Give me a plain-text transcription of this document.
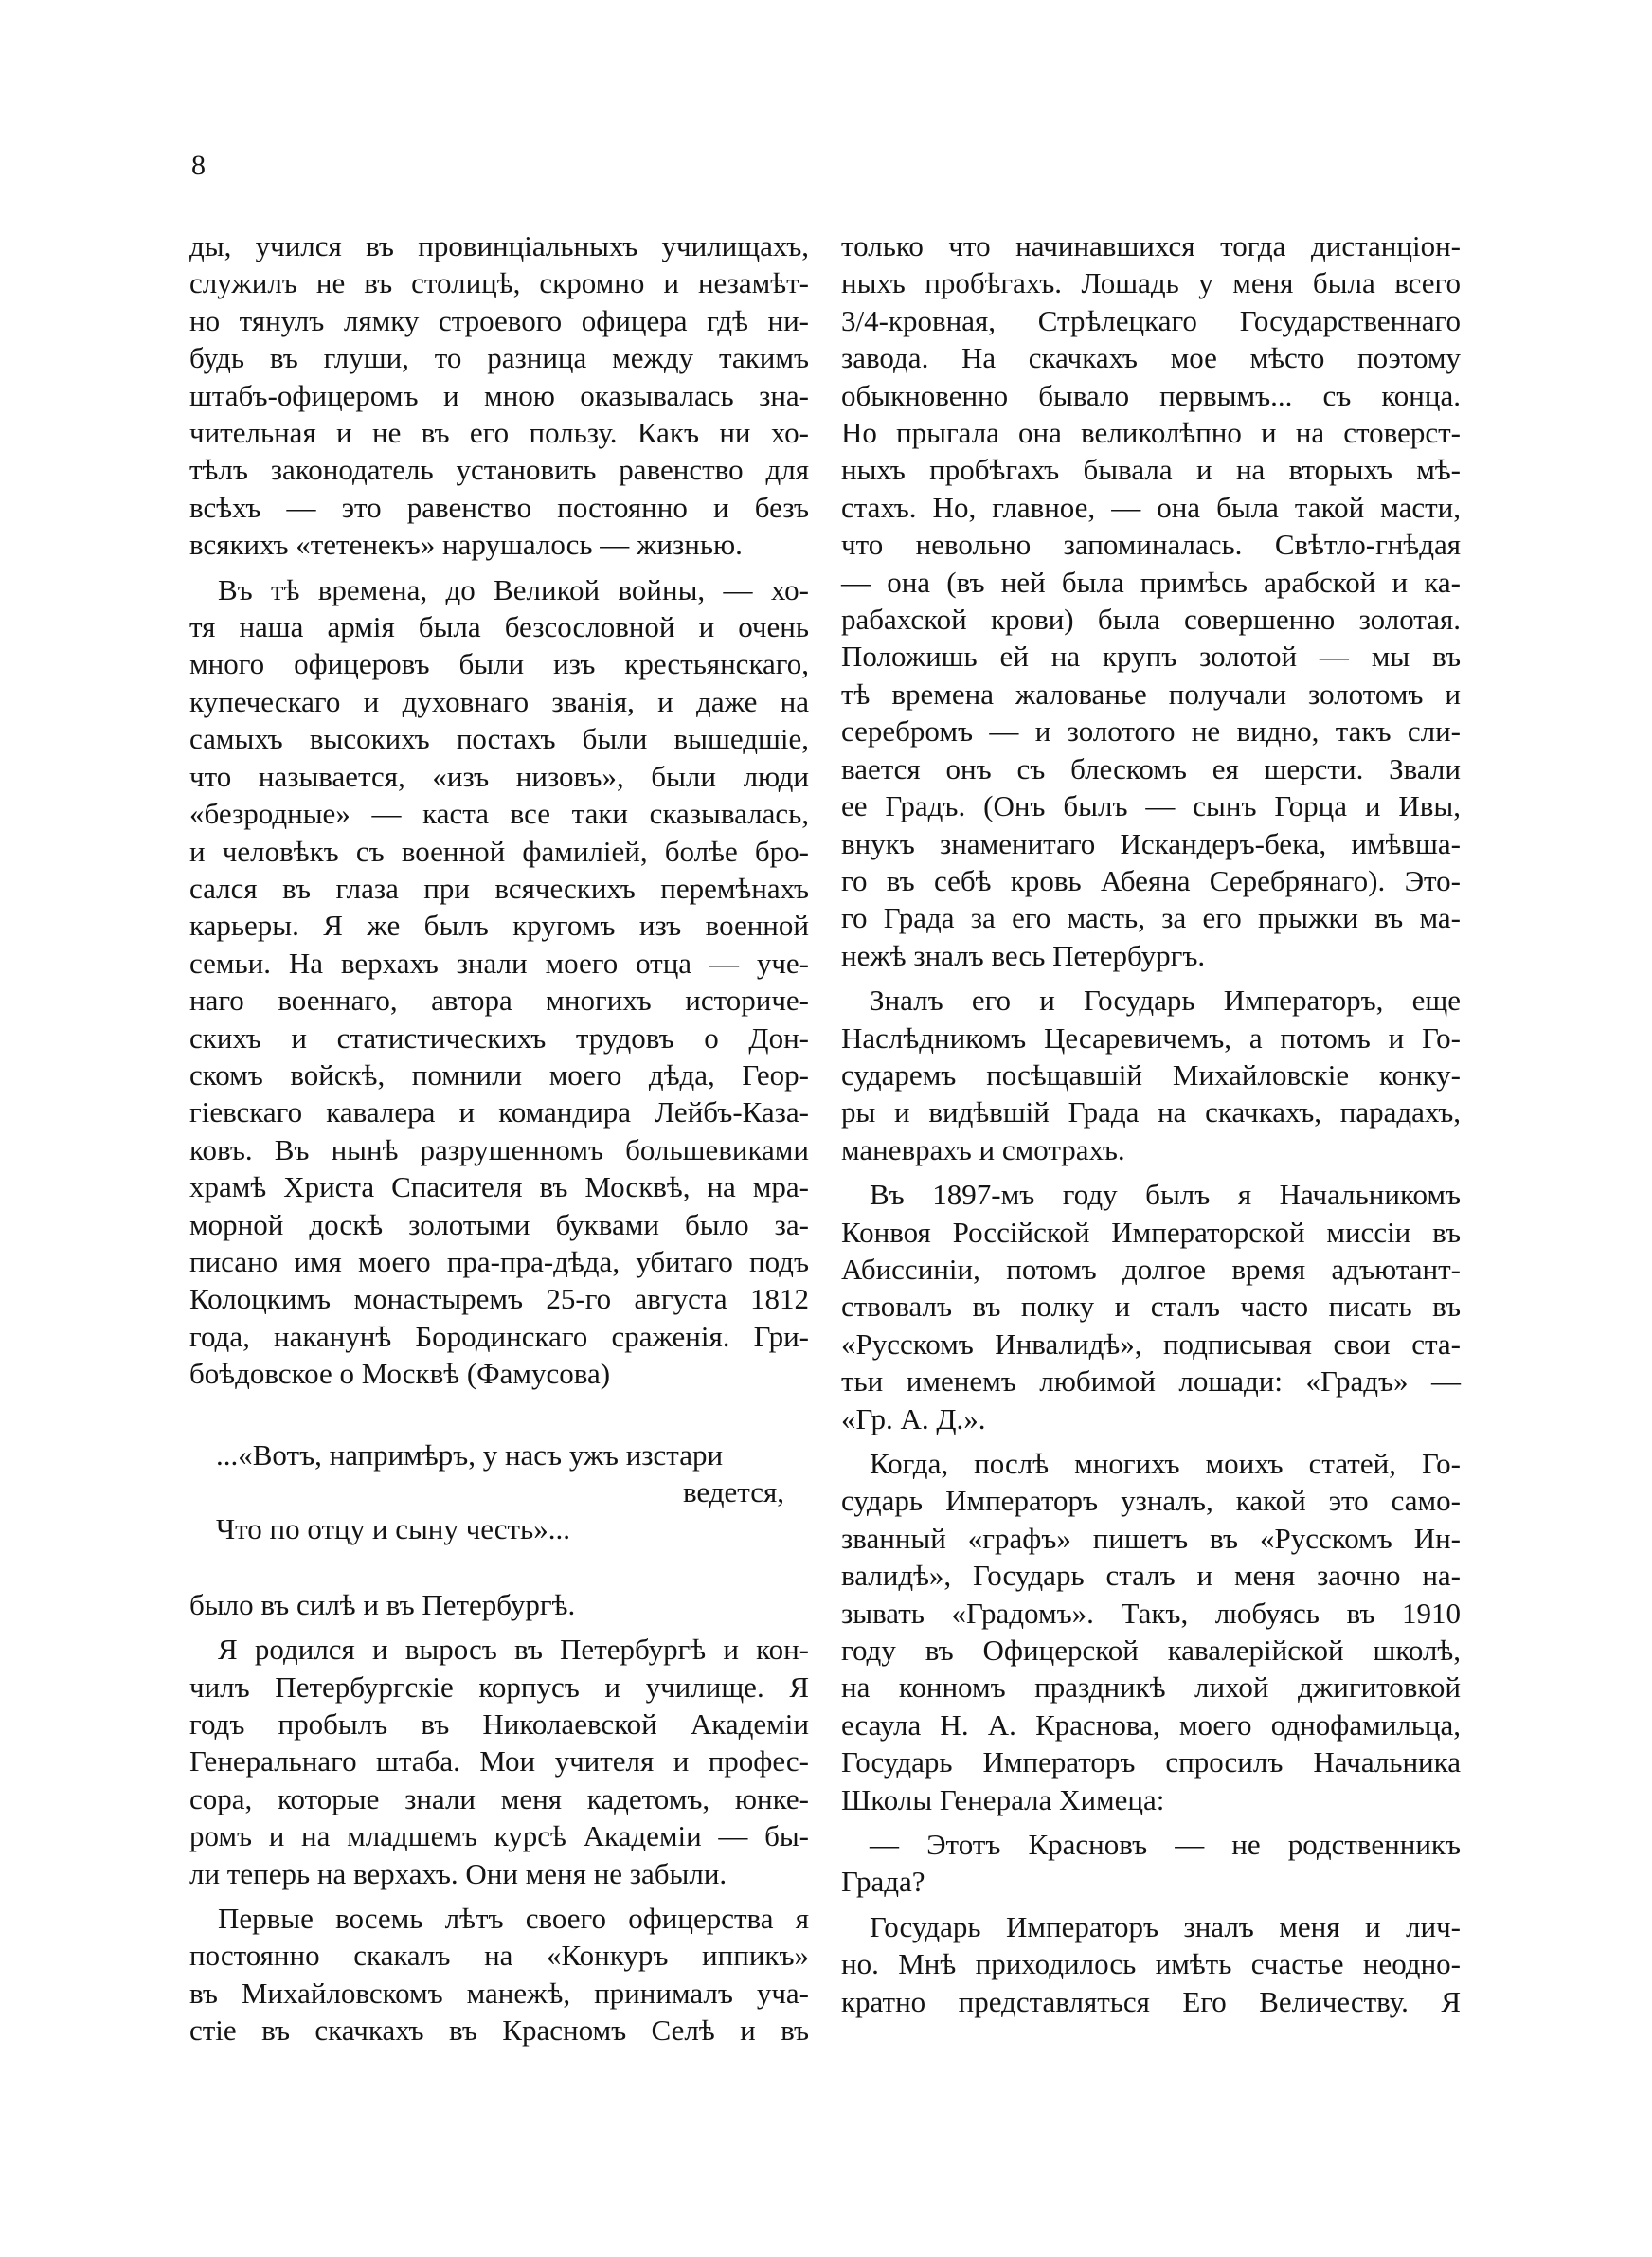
8
ды, учился въ провинціальныхъ училищахъ,
служилъ не въ столицѣ, скромно и незамѣт-
но тянулъ лямку строевого офицера гдѣ ни-
будь въ глуши, то разница между такимъ
штабъ-офицеромъ и мною оказывалась зна-
чительная и не въ его пользу. Какъ ни хо-
тѣлъ законодатель установить равенство для
всѣхъ — это равенство постоянно и безъ
всякихъ «тетенекъ» нарушалось — жизнью.
Въ тѣ времена, до Великой войны, — хо-
тя наша армія была безсословной и очень
много офицеровъ были изъ крестьянскаго,
купеческаго и духовнаго званія, и даже на
самыхъ высокихъ постахъ были вышедшіе,
что называется, «изъ низовъ», были люди
«безродные» — каста все таки сказывалась,
и человѣкъ съ военной фамиліей, болѣе бро-
сался въ глаза при всяческихъ перемѣнахъ
карьеры. Я же былъ кругомъ изъ военной
семьи. На верхахъ знали моего отца — уче-
наго военнаго, автора многихъ историче-
скихъ и статистическихъ трудовъ о Дон-
скомъ войскѣ, помнили моего дѣда, Геор-
гіевскаго кавалера и командира Лейбъ-Каза-
ковъ. Въ нынѣ разрушенномъ большевиками
храмѣ Христа Спасителя въ Москвѣ, на мра-
морной доскѣ золотыми буквами было за-
писано имя моего пра-пра-дѣда, убитаго подъ
Колоцкимъ монастыремъ 25-го августа 1812
года, наканунѣ Бородинскаго сраженія. Гри-
боѣдовское о Москвѣ (Фамусова)
...«Вотъ, напримѣръ, у насъ ужъ изстари
ведется,
Что по отцу и сыну честь»...
было въ силѣ и въ Петербургѣ.
Я родился и выросъ въ Петербургѣ и кон-
чилъ Петербургскіе корпусъ и училище. Я
годъ пробылъ въ Николаевской Академіи
Генеральнаго штаба. Мои учителя и профес-
сора, которые знали меня кадетомъ, юнке-
ромъ и на младшемъ курсѣ Академіи — бы-
ли теперь на верхахъ. Они меня не забыли.
Первые восемь лѣтъ своего офицерства я
постоянно скакалъ на «Конкуръ иппикъ»
въ Михайловскомъ манежѣ, принималъ уча-
стіе въ скачкахъ въ Красномъ Селѣ и въ
только что начинавшихся тогда дистанціон-
ныхъ пробѣгахъ. Лошадь у меня была всего
3/4-кровная, Стрѣлецкаго Государственнаго
завода. На скачкахъ мое мѣсто поэтому
обыкновенно бывало первымъ... съ конца.
Но прыгала она великолѣпно и на стоверст-
ныхъ пробѣгахъ бывала и на вторыхъ мѣ-
стахъ. Но, главное, — она была такой масти,
что невольно запоминалась. Свѣтло-гнѣдая
— она (въ ней была примѣсь арабской и ка-
рабахской крови) была совершенно золотая.
Положишь ей на крупъ золотой — мы въ
тѣ времена жалованье получали золотомъ и
серебромъ — и золотого не видно, такъ сли-
вается онъ съ блескомъ ея шерсти. Звали
ее Градъ. (Онъ былъ — сынъ Горца и Ивы,
внукъ знаменитаго Искандеръ-бека, имѣвша-
го въ себѣ кровь Абеяна Серебрянаго). Это-
го Града за его масть, за его прыжки въ ма-
нежѣ зналъ весь Петербургъ.
Зналъ его и Государь Императоръ, еще
Наслѣдникомъ Цесаревичемъ, а потомъ и Го-
сударемъ посѣщавшій Михайловскіе конку-
ры и видѣвшій Града на скачкахъ, парадахъ,
маневрахъ и смотрахъ.
Въ 1897-мъ году былъ я Начальникомъ
Конвоя Россійской Императорской миссіи въ
Абиссиніи, потомъ долгое время адъютант-
ствовалъ въ полку и сталъ часто писать въ
«Русскомъ Инвалидѣ», подписывая свои ста-
тьи именемъ любимой лошади: «Градъ» —
«Гр. А. Д.».
Когда, послѣ многихъ моихъ статей, Го-
сударь Императоръ узналъ, какой это само-
званный «графъ» пишетъ въ «Русскомъ Ин-
валидѣ», Государь сталъ и меня заочно на-
зывать «Градомъ». Такъ, любуясь въ 1910
году въ Офицерской кавалерійской школѣ,
на конномъ праздникѣ лихой джигитовкой
есаула Н. А. Краснова, моего однофамильца,
Государь Императоръ спросилъ Начальника
Школы Генерала Химеца:
— Этотъ Красновъ — не родственникъ
Града?
Государь Императоръ зналъ меня и лич-
но. Мнѣ приходилось имѣть счастье неодно-
кратно представляться Его Величеству. Я
